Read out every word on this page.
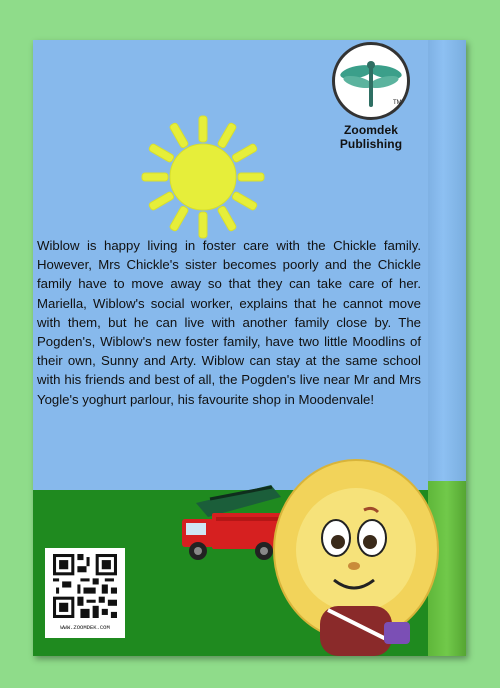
Zoomdek Publishing
TM

Wiblow is happy living in foster care with the Chickle family. However, Mrs Chickle's sister becomes poorly and the Chickle family have to move away so that they can take care of her. Mariella, Wiblow's social worker, explains that he cannot move with them, but he can live with another family close by. The Pogden's, Wiblow's new foster family, have two little Moodlins of their own, Sunny and Arty. Wiblow can stay at the same school with his friends and best of all, the Pogden's live near Mr and Mrs Yogle's yoghurt parlour, his favourite shop in Moodenvale!

WWW.ZOOMDEK.COM
